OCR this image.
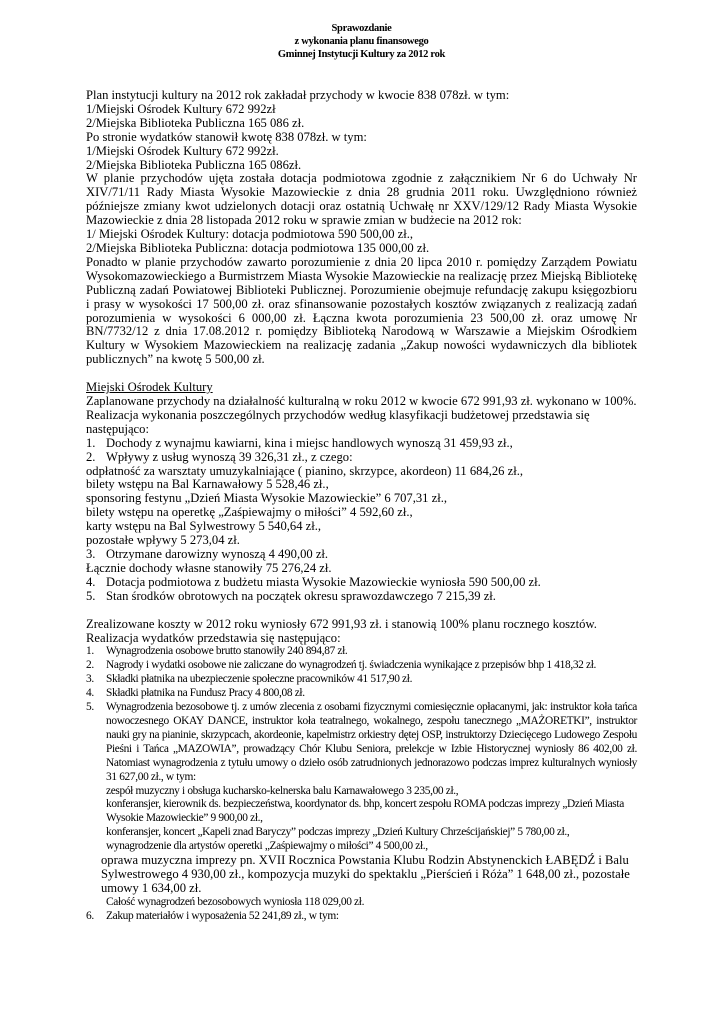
Sprawozdanie
z wykonania planu finansowego
Gminnej Instytucji Kultury za 2012 rok

Plan instytucji kultury na 2012 rok zakładał przychody w kwocie 838 078zł. w tym:

1/Miejski Ośrodek Kultury 672 992zł

2/Miejska Biblioteka Publiczna 165 086 zł.

Po stronie wydatków stanowił kwotę 838 078zł. w tym:

1/Miejski Ośrodek Kultury 672 992zł.

2/Miejska Biblioteka Publiczna 165 086zł.

W planie przychodów ujęta została dotacja podmiotowa zgodnie z załącznikiem Nr 6 do Uchwały Nr XIV/71/11 Rady Miasta Wysokie Mazowieckie z dnia 28 grudnia 2011 roku. Uwzględniono również późniejsze zmiany kwot udzielonych dotacji oraz ostatnią Uchwałę nr XXV/129/12 Rady Miasta Wysokie Mazowieckie z dnia 28 listopada 2012 roku w sprawie zmian w budżecie na 2012 rok:

1/ Miejski Ośrodek Kultury: dotacja podmiotowa 590 500,00 zł.,

2/Miejska Biblioteka Publiczna: dotacja podmiotowa 135 000,00 zł.

Ponadto w planie przychodów zawarto porozumienie z dnia 20 lipca 2010 r. pomiędzy Zarządem Powiatu Wysokomazowieckiego a Burmistrzem Miasta Wysokie Mazowieckie na realizację przez Miejską Bibliotekę Publiczną zadań Powiatowej Biblioteki Publicznej. Porozumienie obejmuje refundację zakupu księgozbioru i prasy w wysokości 17 500,00 zł. oraz sfinansowanie pozostałych kosztów związanych z realizacją zadań porozumienia w wysokości 6 000,00 zł. Łączna kwota porozumienia 23 500,00 zł. oraz umowę Nr BN/7732/12 z dnia 17.08.2012 r. pomiędzy Biblioteką Narodową w Warszawie a Miejskim Ośrodkiem Kultury w Wysokiem Mazowieckiem na realizację zadania „Zakup nowości wydawniczych dla bibliotek publicznych” na kwotę 5 500,00 zł.

Miejski Ośrodek Kultury

Zaplanowane przychody na działalność kulturalną w roku 2012 w kwocie 672 991,93 zł. wykonano w 100%.

Realizacja wykonania poszczególnych przychodów według klasyfikacji budżetowej przedstawia się następująco:

1. Dochody z wynajmu kawiarni, kina i miejsc handlowych wynoszą 31 459,93 zł.,
2. Wpływy z usług wynoszą 39 326,31 zł., z czego:

odpłatność za warsztaty umuzykalniające ( pianino, skrzypce, akordeon) 11 684,26 zł.,

bilety wstępu na Bal Karnawałowy 5 528,46 zł.,

sponsoring festynu „Dzień Miasta Wysokie Mazowieckie” 6 707,31 zł.,

bilety wstępu na operetkę „Zaśpiewajmy o miłości” 4 592,60 zł.,

karty wstępu na Bal Sylwestrowy 5 540,64 zł.,

pozostałe wpływy 5 273,04 zł.

3. Otrzymane darowizny wynoszą 4 490,00 zł.

Łącznie dochody własne stanowiły 75 276,24 zł.

4. Dotacja podmiotowa z budżetu miasta Wysokie Mazowieckie wyniosła 590 500,00 zł.
5. Stan środków obrotowych na początek okresu sprawozdawczego 7 215,39 zł.

Zrealizowane koszty w 2012 roku wyniosły 672 991,93 zł. i stanowią 100% planu rocznego kosztów.

Realizacja wydatków przedstawia się następująco:

1. Wynagrodzenia osobowe brutto stanowiły 240 894,87 zł.
2. Nagrody i wydatki osobowe nie zaliczane do wynagrodzeń tj. świadczenia wynikające z przepisów bhp 1 418,32 zł.
3. Składki płatnika na ubezpieczenie społeczne pracowników 41 517,90 zł.
4. Składki płatnika na Fundusz Pracy 4 800,08 zł.
5. Wynagrodzenia bezosobowe tj. z umów zlecenia z osobami fizycznymi comiesięcznie opłacanymi, jak: instruktor koła tańca nowoczesnego OKAY DANCE, instruktor koła teatralnego, wokalnego, zespołu tanecznego „MAŻORETKI”, instruktor nauki gry na pianinie, skrzypcach, akordeonie, kapelmistrz orkiestry dętej OSP, instruktorzy Dziecięcego Ludowego Zespołu Pieśni i Tańca „MAZOWIA”, prowadzący Chór Klubu Seniora, prelekcje w Izbie Historycznej wyniosły 86 402,00 zł. Natomiast wynagrodzenia z tytułu umowy o dzieło osób zatrudnionych jednorazowo podczas imprez kulturalnych wyniosły 31 627,00 zł., w tym:

zespół muzyczny i obsługa kucharsko-kelnerska balu Karnawałowego 3 235,00 zł.,

konferansjer, kierownik ds. bezpieczeństwa, koordynator ds. bhp, koncert zespołu ROMA podczas imprezy „Dzień Miasta Wysokie Mazowieckie” 9 900,00 zł.,

konferansjer, koncert „Kapeli znad Baryczy” podczas imprezy „Dzień Kultury Chrześcijańskiej” 5 780,00 zł.,

wynagrodzenie dla artystów operetki „Zaśpiewajmy o miłości” 4 500,00 zł.,

oprawa muzyczna imprezy pn. XVII Rocznica Powstania Klubu Rodzin Abstynenckich ŁABĘDŹ i Balu Sylwestrowego 4 930,00 zł., kompozycja muzyki do spektaklu „Pierścień i Róża” 1 648,00 zł., pozostałe umowy 1 634,00 zł.

Całość wynagrodzeń bezosobowych wyniosła 118 029,00 zł.

6. Zakup materiałów i wyposażenia 52 241,89 zł., w tym:
